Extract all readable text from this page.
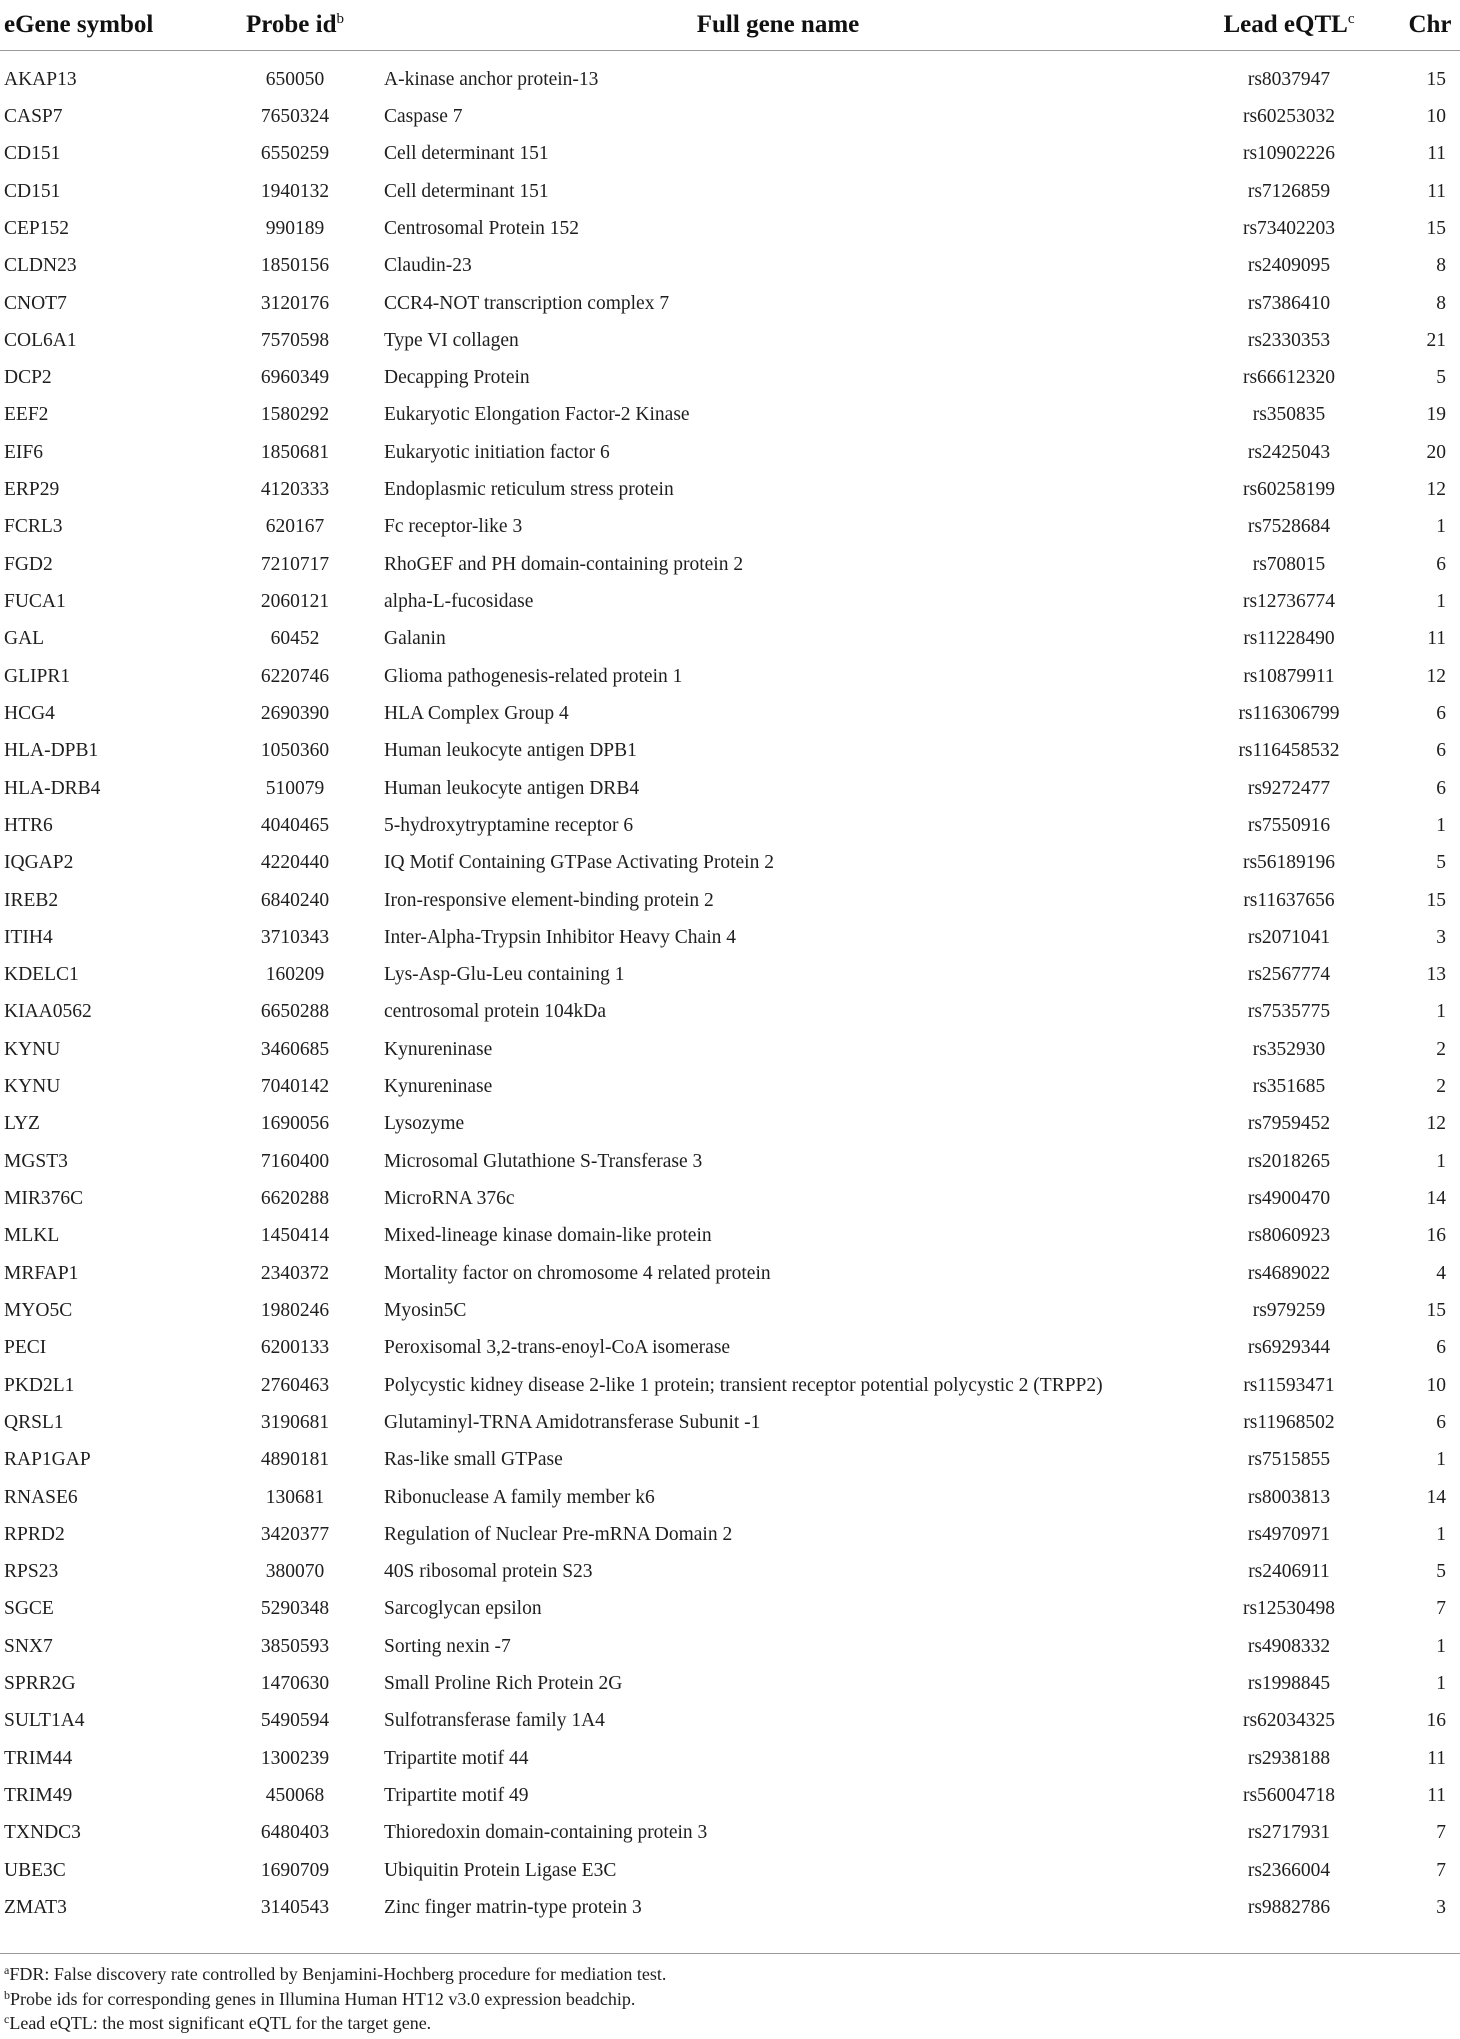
eGene symbol	Probe $id^b$	Full gene name	Lead eQTL$^c$	Chr
AKAP13	650050	A-kinase anchor protein-13	rs8037947	15
CASP7	7650324	Caspase 7	rs60253032	10
CD151	6550259	Cell determinant 151	rs10902226	11
CD151	1940132	Cell determinant 151	rs7126859	11
CEP152	990189	Centrosomal Protein 152	rs73402203	15
CLDN23	1850156	Claudin-23	rs2409095	8
CNOT7	3120176	CCR4-NOT transcription complex 7	rs7386410	8
COL6A1	7570598	Type VI collagen	rs2330353	21
DCP2	6960349	Decapping Protein	rs66612320	5
EEF2	1580292	Eukaryotic Elongation Factor-2 Kinase	rs350835	19
EIF6	1850681	Eukaryotic initiation factor 6	rs2425043	20
ERP29	4120333	Endoplasmic reticulum stress protein	rs60258199	12
FCRL3	620167	Fc receptor-like 3	rs7528684	1
FGD2	7210717	RhoGEF and PH domain-containing protein 2	rs708015	6
FUCA1	2060121	alpha-L-fucosidase	rs12736774	1
GAL	60452	Galanin	rs11228490	11
GLIPR1	6220746	Glioma pathogenesis-related protein 1	rs10879911	12
HCG4	2690390	HLA Complex Group 4	rs116306799	6
HLA-DPB1	1050360	Human leukocyte antigen DPB1	rs116458532	6
HLA-DRB4	510079	Human leukocyte antigen DRB4	rs9272477	6
HTR6	4040465	5-hydroxytryptamine receptor 6	rs7550916	1
IQGAP2	4220440	IQ Motif Containing GTPase Activating Protein 2	rs56189196	5
IREB2	6840240	Iron-responsive element-binding protein 2	rs11637656	15
ITIH4	3710343	Inter-Alpha-Trypsin Inhibitor Heavy Chain 4	rs2071041	3
KDELC1	160209	Lys-Asp-Glu-Leu containing 1	rs2567774	13
KIAA0562	6650288	centrosomal protein 104kDa	rs7535775	1
KYNU	3460685	Kynureninase	rs352930	2
KYNU	7040142	Kynureninase	rs351685	2
LYZ	1690056	Lysozyme	rs7959452	12
MGST3	7160400	Microsomal Glutathione S-Transferase 3	rs2018265	1
MIR376C	6620288	MicroRNA 376c	rs4900470	14
MLKL	1450414	Mixed-lineage kinase domain-like protein	rs8060923	16
MRFAP1	2340372	Mortality factor on chromosome 4 related protein	rs4689022	4
MYO5C	1980246	Myosin5C	rs979259	15
PECI	6200133	Peroxisomal 3,2-trans-enoyl-CoA isomerase	rs6929344	6
PKD2L1	2760463	Polycystic kidney disease 2-like 1 protein; transient receptor potential polycystic 2 (TRPP2)	rs11593471	10
QRSL1	3190681	Glutaminyl-TRNA Amidotransferase Subunit -1	rs11968502	6
RAP1GAP	4890181	Ras-like small GTPase	rs7515855	1
RNASE6	130681	Ribonuclease A family member k6	rs8003813	14
RPRD2	3420377	Regulation of Nuclear Pre-mRNA Domain 2	rs4970971	1
RPS23	380070	40S ribosomal protein S23	rs2406911	5
SGCE	5290348	Sarcoglycan epsilon	rs12530498	7
SNX7	3850593	Sorting nexin -7	rs4908332	1
SPRR2G	1470630	Small Proline Rich Protein 2G	rs1998845	1
SULT1A4	5490594	Sulfotransferase family 1A4	rs62034325	16
TRIM44	1300239	Tripartite motif 44	rs2938188	11
TRIM49	450068	Tripartite motif 49	rs56004718	11
TXNDC3	6480403	Thioredoxin domain-containing protein 3	rs2717931	7
UBE3C	1690709	Ubiquitin Protein Ligase E3C	rs2366004	7
ZMAT3	3140543	Zinc finger matrin-type protein 3	rs9882786	3
$^a$FDR: False discovery rate controlled by Benjamini-Hochberg procedure for mediation test.
$^b$Probe ids for corresponding genes in Illumina Human HT12 v3.0 expression beadchip.
$^c$Lead eQTL: the most significant eQTL for the target gene.
